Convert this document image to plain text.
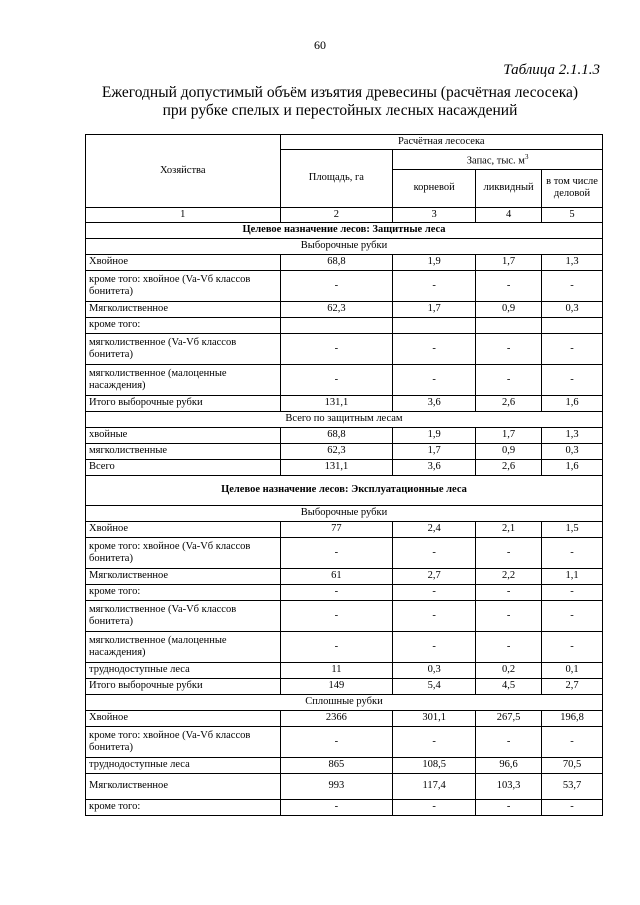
60
Таблица 2.1.1.3
Ежегодный допустимый объём изъятия древесины (расчётная лесосека)
при рубке спелых и перестойных лесных насаждений
Хозяйства	Расчётная лесосека			
	Площадь, га	Запас, тыс. $м^3$
		корневой	ликвидный	в том числе деловой
1	2	3	4	5
Целевое назначение лесов: Защитные леса				
Выборочные рубки				
Хвойное	68,8	1,9	1,7	1,3
кроме того: хвойное (Va-Vб классов бонитета)	-	-	-	-
Мягколиственное	62,3	1,7	0,9	0,3
кроме того:				
мягколиственное (Va-Vб классов бонитета)	-	-	-	-
мягколиственное (малоценные насаждения)	-	-	-	-
Итого выборочные рубки	131,1	3,6	2,6	1,6
Всего по защитным лесам				
хвойные	68,8	1,9	1,7	1,3
мягколиственные	62,3	1,7	0,9	0,3
Всего	131,1	3,6	2,6	1,6
Целевое назначение лесов: Эксплуатационные леса				
Выборочные рубки				
Хвойное	77	2,4	2,1	1,5
кроме того: хвойное (Va-Vб классов бонитета)	-	-	-	-
Мягколиственное	61	2,7	2,2	1,1
кроме того:	-	-	-	-
мягколиственное (Va-Vб классов бонитета)	-	-	-	-
мягколиственное (малоценные насаждения)	-	-	-	-
труднодоступные леса	11	0,3	0,2	0,1
Итого выборочные рубки	149	5,4	4,5	2,7
Сплошные рубки				
Хвойное	2366	301,1	267,5	196,8
кроме того: хвойное (Va-Vб классов бонитета)	-	-	-	-
труднодоступные леса	865	108,5	96,6	70,5
Мягколиственное	993	117,4	103,3	53,7
кроме того:	-	-	-	-
